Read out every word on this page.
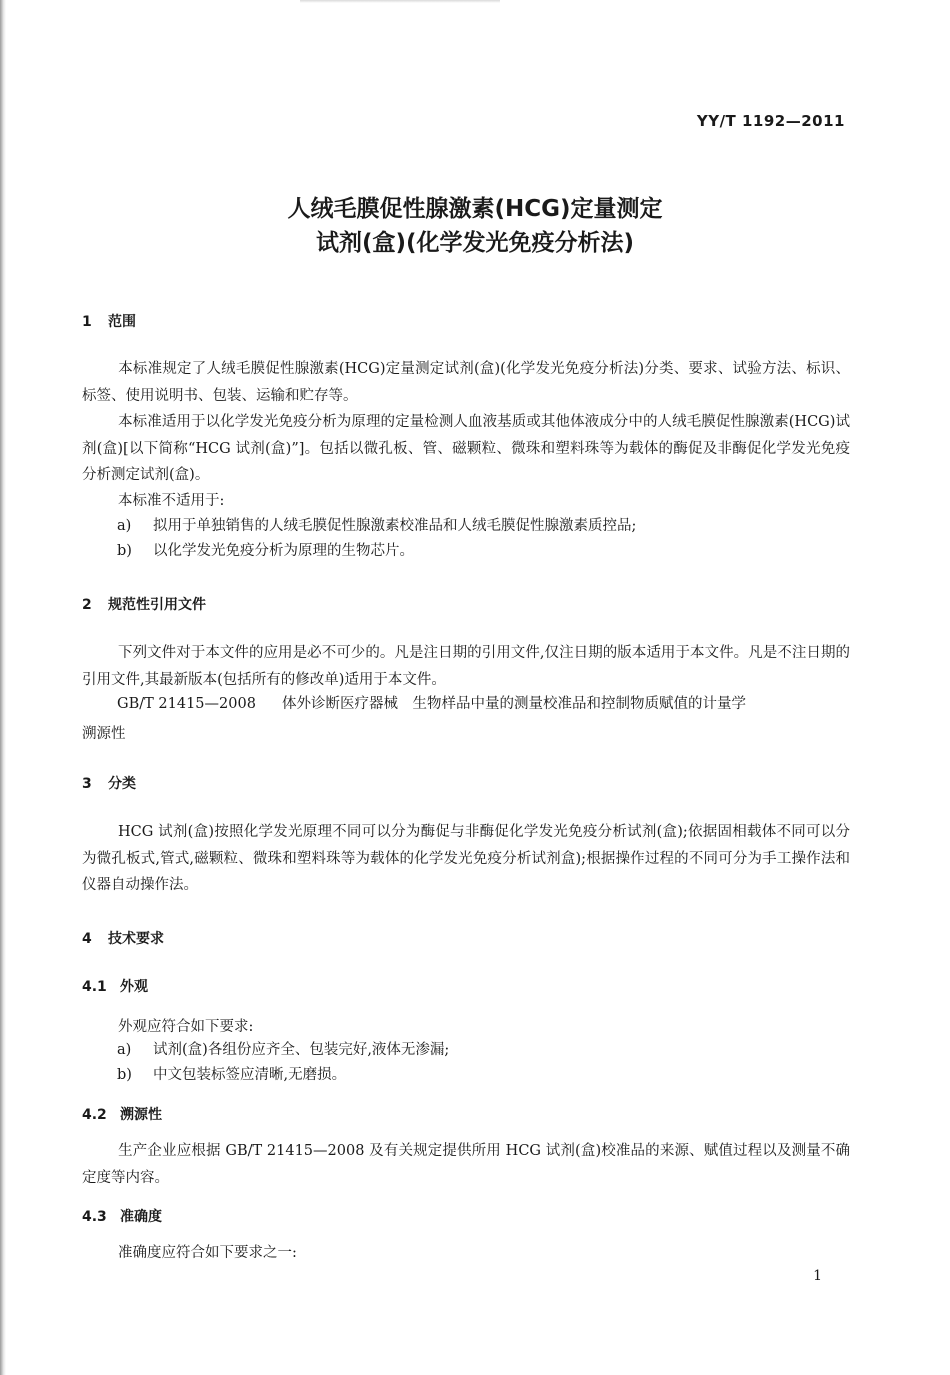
YY/T 1192—2011
人绒毛膜促性腺激素(HCG)定量测定
试剂(盒)(化学发光免疫分析法)
1 范围
本标准规定了人绒毛膜促性腺激素(HCG)定量测定试剂(盒)(化学发光免疫分析法)分类、要求、试验方法、标识、标签、使用说明书、包装、运输和贮存等。
本标准适用于以化学发光免疫分析为原理的定量检测人血液基质或其他体液成分中的人绒毛膜促性腺激素(HCG)试剂(盒)[以下简称“HCG 试剂(盒)”]。包括以微孔板、管、磁颗粒、微珠和塑料珠等为载体的酶促及非酶促化学发光免疫分析测定试剂(盒)。
本标准不适用于:
a) 拟用于单独销售的人绒毛膜促性腺激素校准品和人绒毛膜促性腺激素质控品;
b) 以化学发光免疫分析为原理的生物芯片。
2 规范性引用文件
下列文件对于本文件的应用是必不可少的。凡是注日期的引用文件,仅注日期的版本适用于本文件。凡是不注日期的引用文件,其最新版本(包括所有的修改单)适用于本文件。
GB/T 21415—2008 体外诊断医疗器械　生物样品中量的测量校准品和控制物质赋值的计量学
溯源性
3 分类
HCG 试剂(盒)按照化学发光原理不同可以分为酶促与非酶促化学发光免疫分析试剂(盒);依据固相载体不同可以分为微孔板式,管式,磁颗粒、微珠和塑料珠等为载体的化学发光免疫分析试剂盒);根据操作过程的不同可分为手工操作法和仪器自动操作法。
4 技术要求
4.1 外观
外观应符合如下要求:
a) 试剂(盒)各组份应齐全、包装完好,液体无渗漏;
b) 中文包装标签应清晰,无磨损。
4.2 溯源性
生产企业应根据 GB/T 21415—2008 及有关规定提供所用 HCG 试剂(盒)校准品的来源、赋值过程以及测量不确定度等内容。
4.3 准确度
准确度应符合如下要求之一:
1
